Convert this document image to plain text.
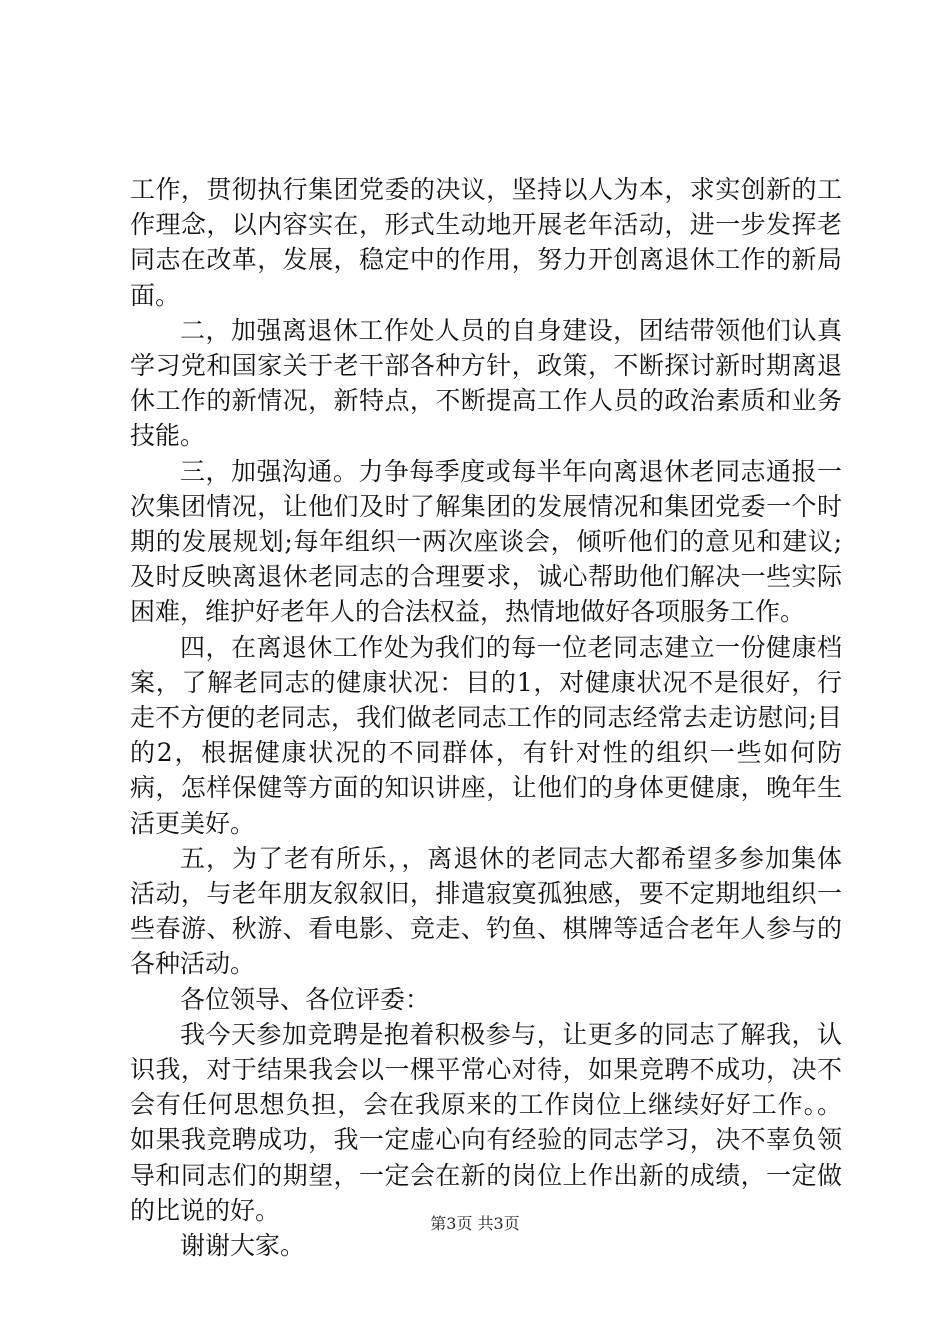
工作，贯彻执行集团党委的决议，坚持以人为本，求实创新的工作理念，以内容实在，形式生动地开展老年活动，进一步发挥老同志在改革，发展，稳定中的作用，努力开创离退休工作的新局面。

二，加强离退休工作处人员的自身建设，团结带领他们认真学习党和国家关于老干部各种方针，政策，不断探讨新时期离退休工作的新情况，新特点，不断提高工作人员的政治素质和业务技能。

三，加强沟通。力争每季度或每半年向离退休老同志通报一次集团情况，让他们及时了解集团的发展情况和集团党委一个时期的发展规划;每年组织一两次座谈会，倾听他们的意见和建议;及时反映离退休老同志的合理要求，诚心帮助他们解决一些实际困难，维护好老年人的合法权益，热情地做好各项服务工作。

四，在离退休工作处为我们的每一位老同志建立一份健康档案，了解老同志的健康状况：目的1，对健康状况不是很好，行走不方便的老同志，我们做老同志工作的同志经常去走访慰问;目的2，根据健康状况的不同群体，有针对性的组织一些如何防病，怎样保健等方面的知识讲座，让他们的身体更健康，晚年生活更美好。

五，为了老有所乐，，离退休的老同志大都希望多参加集体活动，与老年朋友叙叙旧，排遣寂寞孤独感，要不定期地组织一些春游、秋游、看电影、竞走、钓鱼、棋牌等适合老年人参与的各种活动。

各位领导、各位评委：

我今天参加竞聘是抱着积极参与，让更多的同志了解我，认识我，对于结果我会以一棵平常心对待，如果竞聘不成功，决不会有任何思想负担，会在我原来的工作岗位上继续好好工作。。如果我竞聘成功，我一定虚心向有经验的同志学习，决不辜负领导和同志们的期望，一定会在新的岗位上作出新的成绩，一定做的比说的好。

谢谢大家。

第3页 共3页
